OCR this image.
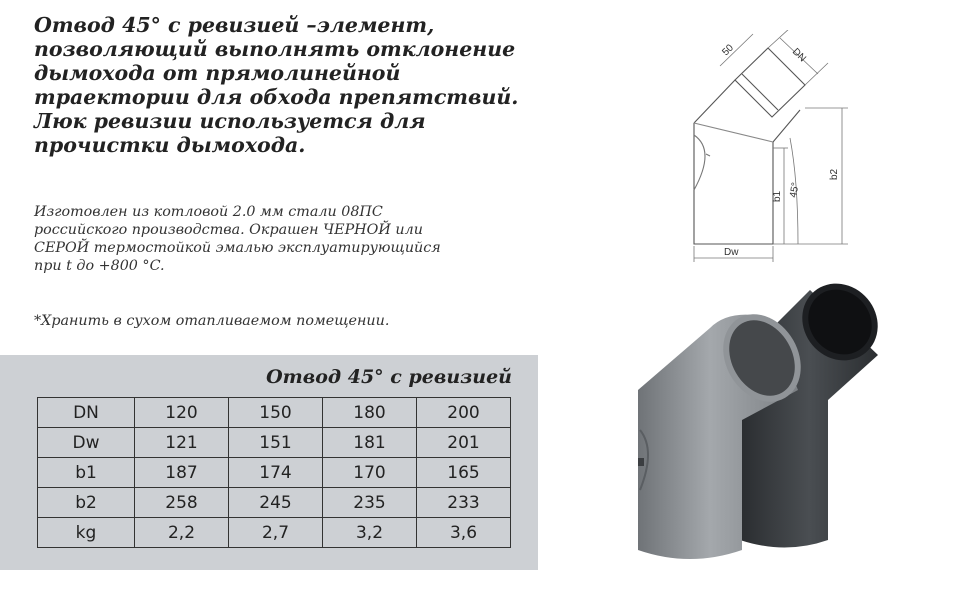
Отвод 45° с ревизией –элемент,
позволяющий выполнять отклонение
дымохода от прямолинейной
траектории для обхода препятствий.
Люк ревизии используется для
прочистки дымохода.
Изготовлен из котловой 2.0 мм стали 08ПС
российского производства. Окрашен ЧЕРНОЙ или
СЕРОЙ термостойкой эмалью эксплуатирующийся
при t до +800 °C.
*Хранить в сухом отапливаемом помещении.
Отвод 45° с ревизией
DN	120	150	180	200
Dw	121	151	181	201
b1	187	174	170	165
b2	258	245	235	233
kg	2,2	2,7	3,2	3,6
50	DN
b2
b1 45°
Dw
